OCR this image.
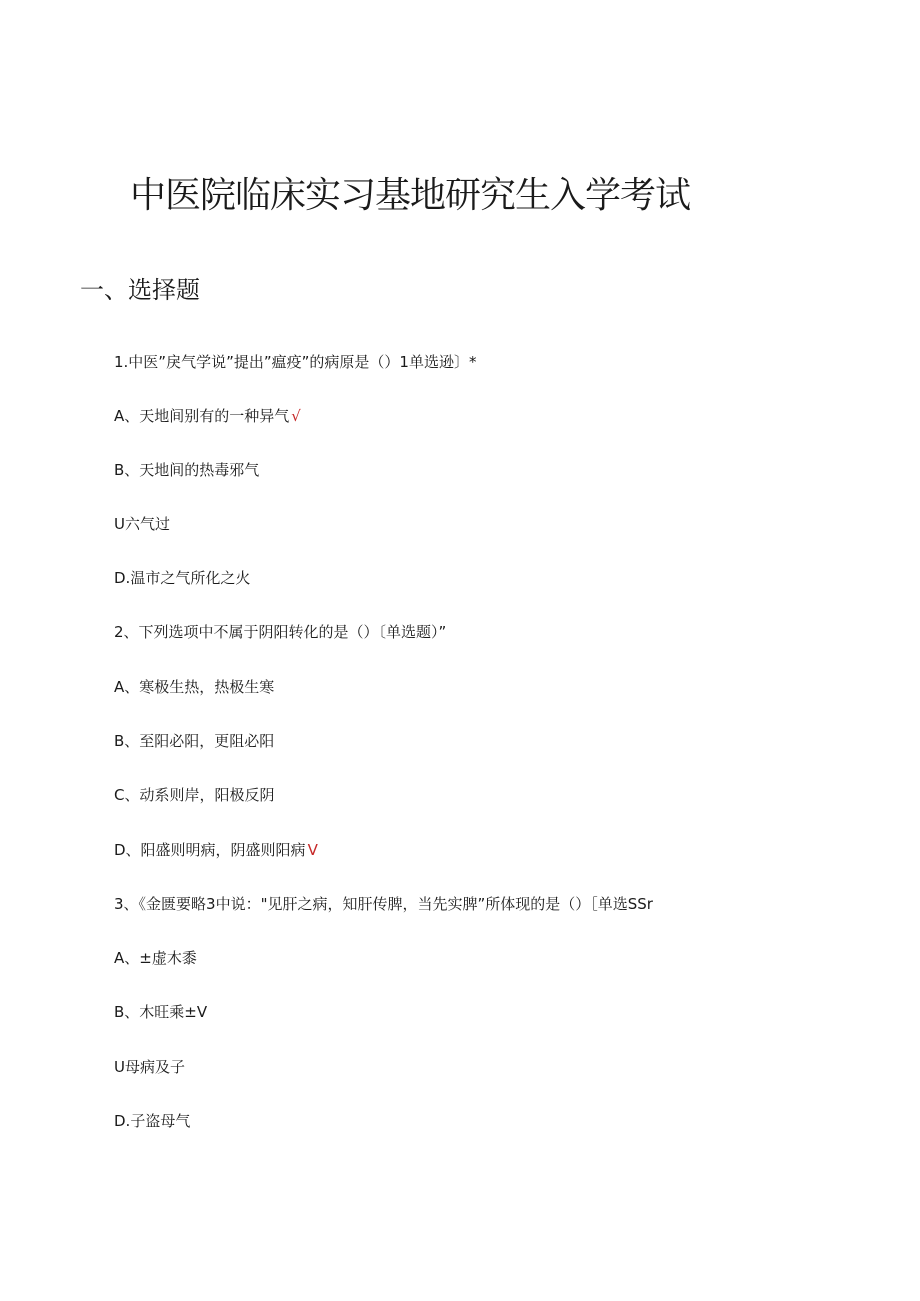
中医院临床实习基地研究生入学考试
一、选择题

1.中医”戾气学说”提出”瘟疫”的病原是（）1单选逊〕*

A、天地间别有的一种异气 √

B、天地间的热毒邪气

U六气过

D.温市之气所化之火

2、下列选项中不属于阴阳转化的是（）〔单选题）”

A、寒极生热，热极生寒

B、至阳必阳，更阻必阳

C、动系则岸，阳极反阴

D、阳盛则明病，阴盛则阳病 V

3、《金匮要略3中说："见肝之病，知肝传脾，当先实脾”所体现的是（）［单选SSr

A、±虚木黍

B、木旺乘±V

U母病及子

D.子盗母气
